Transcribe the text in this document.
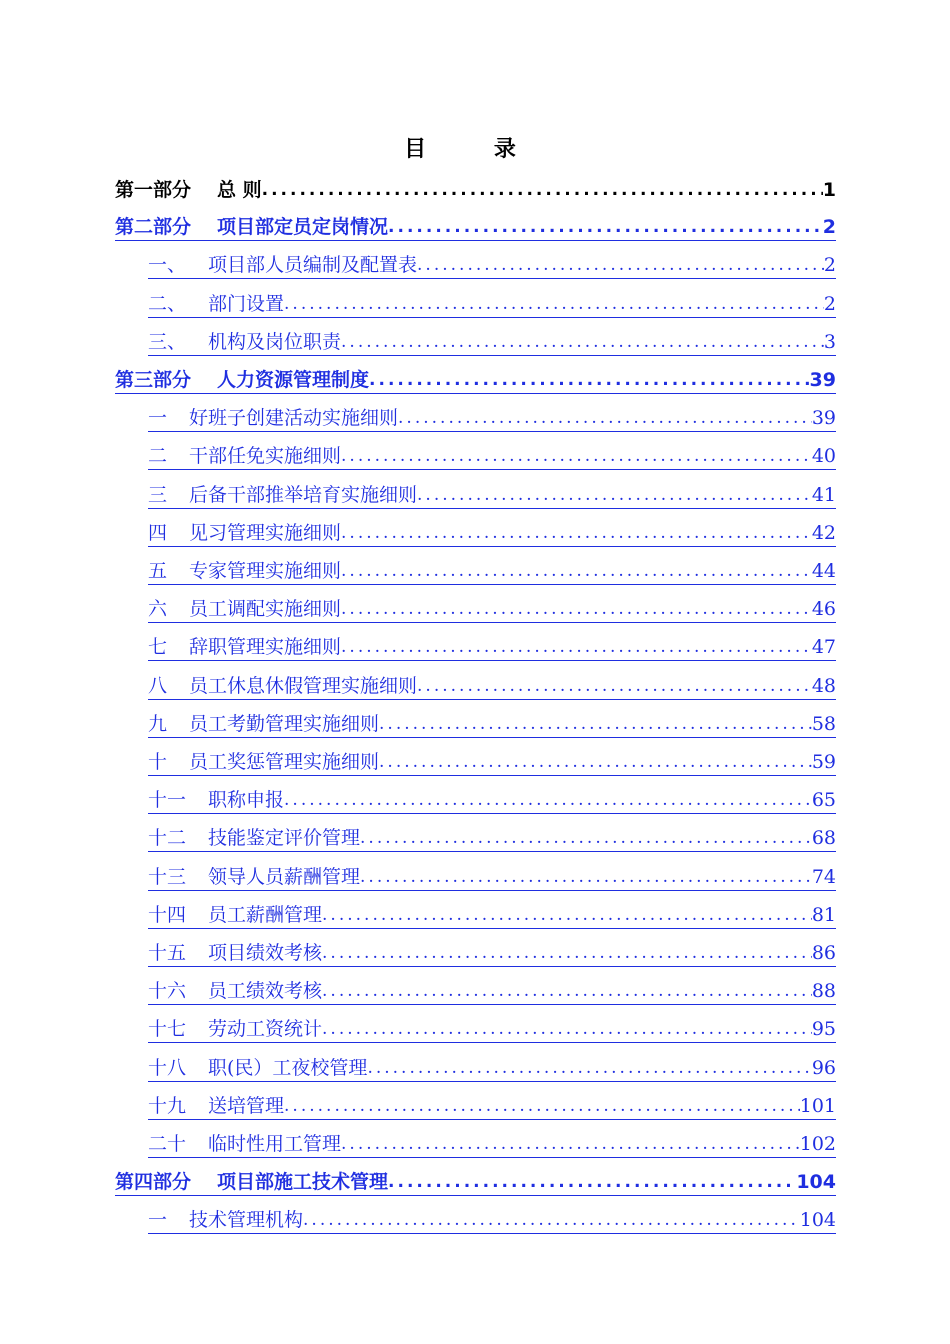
目 录
第一部分 总 则 .....	1
第二部分 项目部定员定岗情况 .....	2
一、 项目部人员编制及配置表 .....	2
二、 部门设置 .....	2
三、 机构及岗位职责 .....	3
第三部分 人力资源管理制度 .....	39
一 好班子创建活动实施细则 .....	39
二 干部任免实施细则 .....	40
三 后备干部推举培育实施细则 .....	41
四 见习管理实施细则 .....	42
五 专家管理实施细则 .....	44
六 员工调配实施细则 .....	46
七 辞职管理实施细则 .....	47
八 员工休息休假管理实施细则 .....	48
九 员工考勤管理实施细则 .....	58
十 员工奖惩管理实施细则 .....	59
十一 职称申报 .....	65
十二 技能鉴定评价管理 .....	68
十三 领导人员薪酬管理 .....	74
十四 员工薪酬管理 .....	81
十五 项目绩效考核 .....	86
十六 员工绩效考核 .....	88
十七 劳动工资统计 .....	95
十八 职(民）工夜校管理 .....	96
十九 送培管理 .....	101
二十 临时性用工管理 .....	102
第四部分 项目部施工技术管理 .....	104
一 技术管理机构 .....	104
